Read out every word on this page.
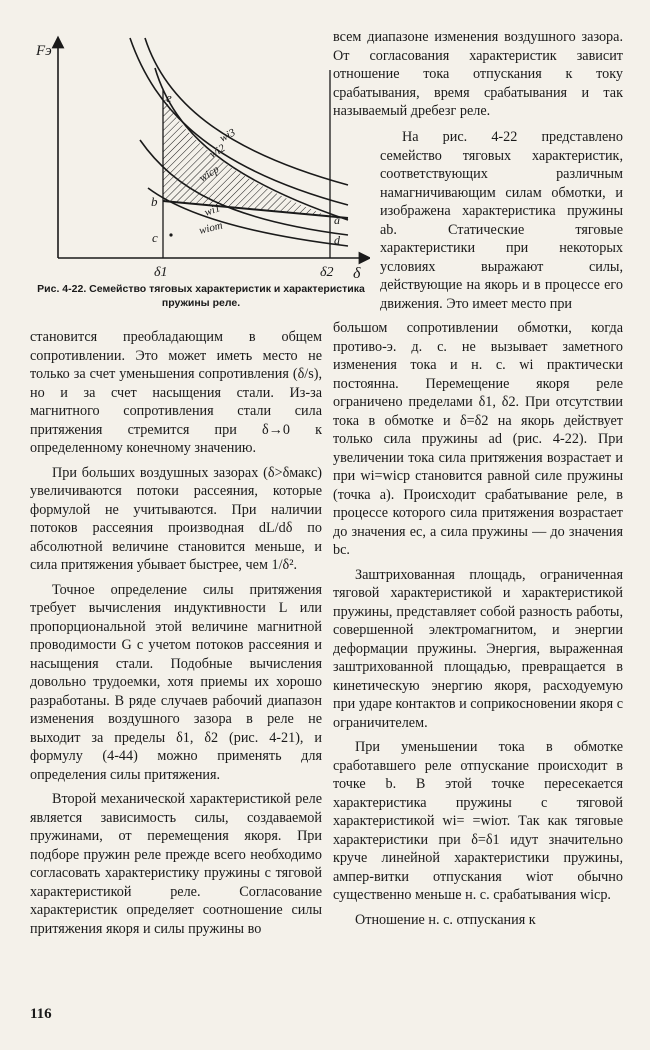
Fэ
δ
δ1	δ2
e
b
c
a
d
wi3
wi2
wicp
wi1
wiот
Рис. 4-22. Семейство тяговых характеристик и характеристика пружины реле.

всем диапазоне изменения воздушного зазора. От согласования характеристик зависит отношение тока отпускания к току срабатывания, время срабатывания и так называемый дребезг реле.

На рис. 4-22 представлено семейство тяговых характеристик, соответствующих различным намагничивающим силам обмотки, и изображена характеристика пружины ab. Статические тяговые характеристики при некоторых условиях выражают силы, действующие на якорь и в процессе его движения. Это имеет место при

большом сопротивлении обмотки, когда противо-э. д. с. не вызывает заметного изменения тока и н. с. wi практически постоянна. Перемещение якоря реле ограничено пределами δ1, δ2. При отсутствии тока в обмотке и δ=δ2 на якорь действует только сила пружины ad (рис. 4-22). При увеличении тока сила притяжения возрастает и при wi=wicp становится равной силе пружины (точка a). Происходит срабатывание реле, в процессе которого сила притяжения возрастает до значения ec, а сила пружины — до значения bc.

Заштрихованная площадь, ограниченная тяговой характеристикой и характеристикой пружины, представляет собой разность работы, совершенной электромагнитом, и энергии деформации пружины. Энергия, выраженная заштрихованной площадью, превращается в кинетическую энергию якоря, расходуемую при ударе контактов и соприкосновении якоря с ограничителем.

При уменьшении тока в обмотке сработавшего реле отпускание происходит в точке b. В этой точке пересекается характеристика пружины с тяговой характеристикой wi= =wiот. Так как тяговые характеристики при δ=δ1 идут значительно круче линейной характеристики пружины, ампер-витки отпускания wiот обычно существенно меньше н. с. срабатывания wicp.

Отношение н. с. отпускания к

становится преобладающим в общем сопротивлении. Это может иметь место не только за счет уменьшения сопротивления (δ/s), но и за счет насыщения стали. Из-за магнитного сопротивления стали сила притяжения стремится при δ→0 к определенному конечному значению.

При больших воздушных зазорах (δ>δмакс) увеличиваются потоки рассеяния, которые формулой не учитываются. При наличии потоков рассеяния производная dL/dδ по абсолютной величине становится меньше, и сила притяжения убывает быстрее, чем 1/δ².

Точное определение силы притяжения требует вычисления индуктивности L или пропорциональной этой величине магнитной проводимости G с учетом потоков рассеяния и насыщения стали. Подобные вычисления довольно трудоемки, хотя приемы их хорошо разработаны. В ряде случаев рабочий диапазон изменения воздушного зазора в реле не выходит за пределы δ1, δ2 (рис. 4-21), и формулу (4-44) можно применять для определения силы притяжения.

Второй механической характеристикой реле является зависимость силы, создаваемой пружинами, от перемещения якоря. При подборе пружин реле прежде всего необходимо согласовать характеристику пружины с тяговой характеристикой реле. Согласование характеристик определяет соотношение силы притяжения якоря и силы пружины во

116
